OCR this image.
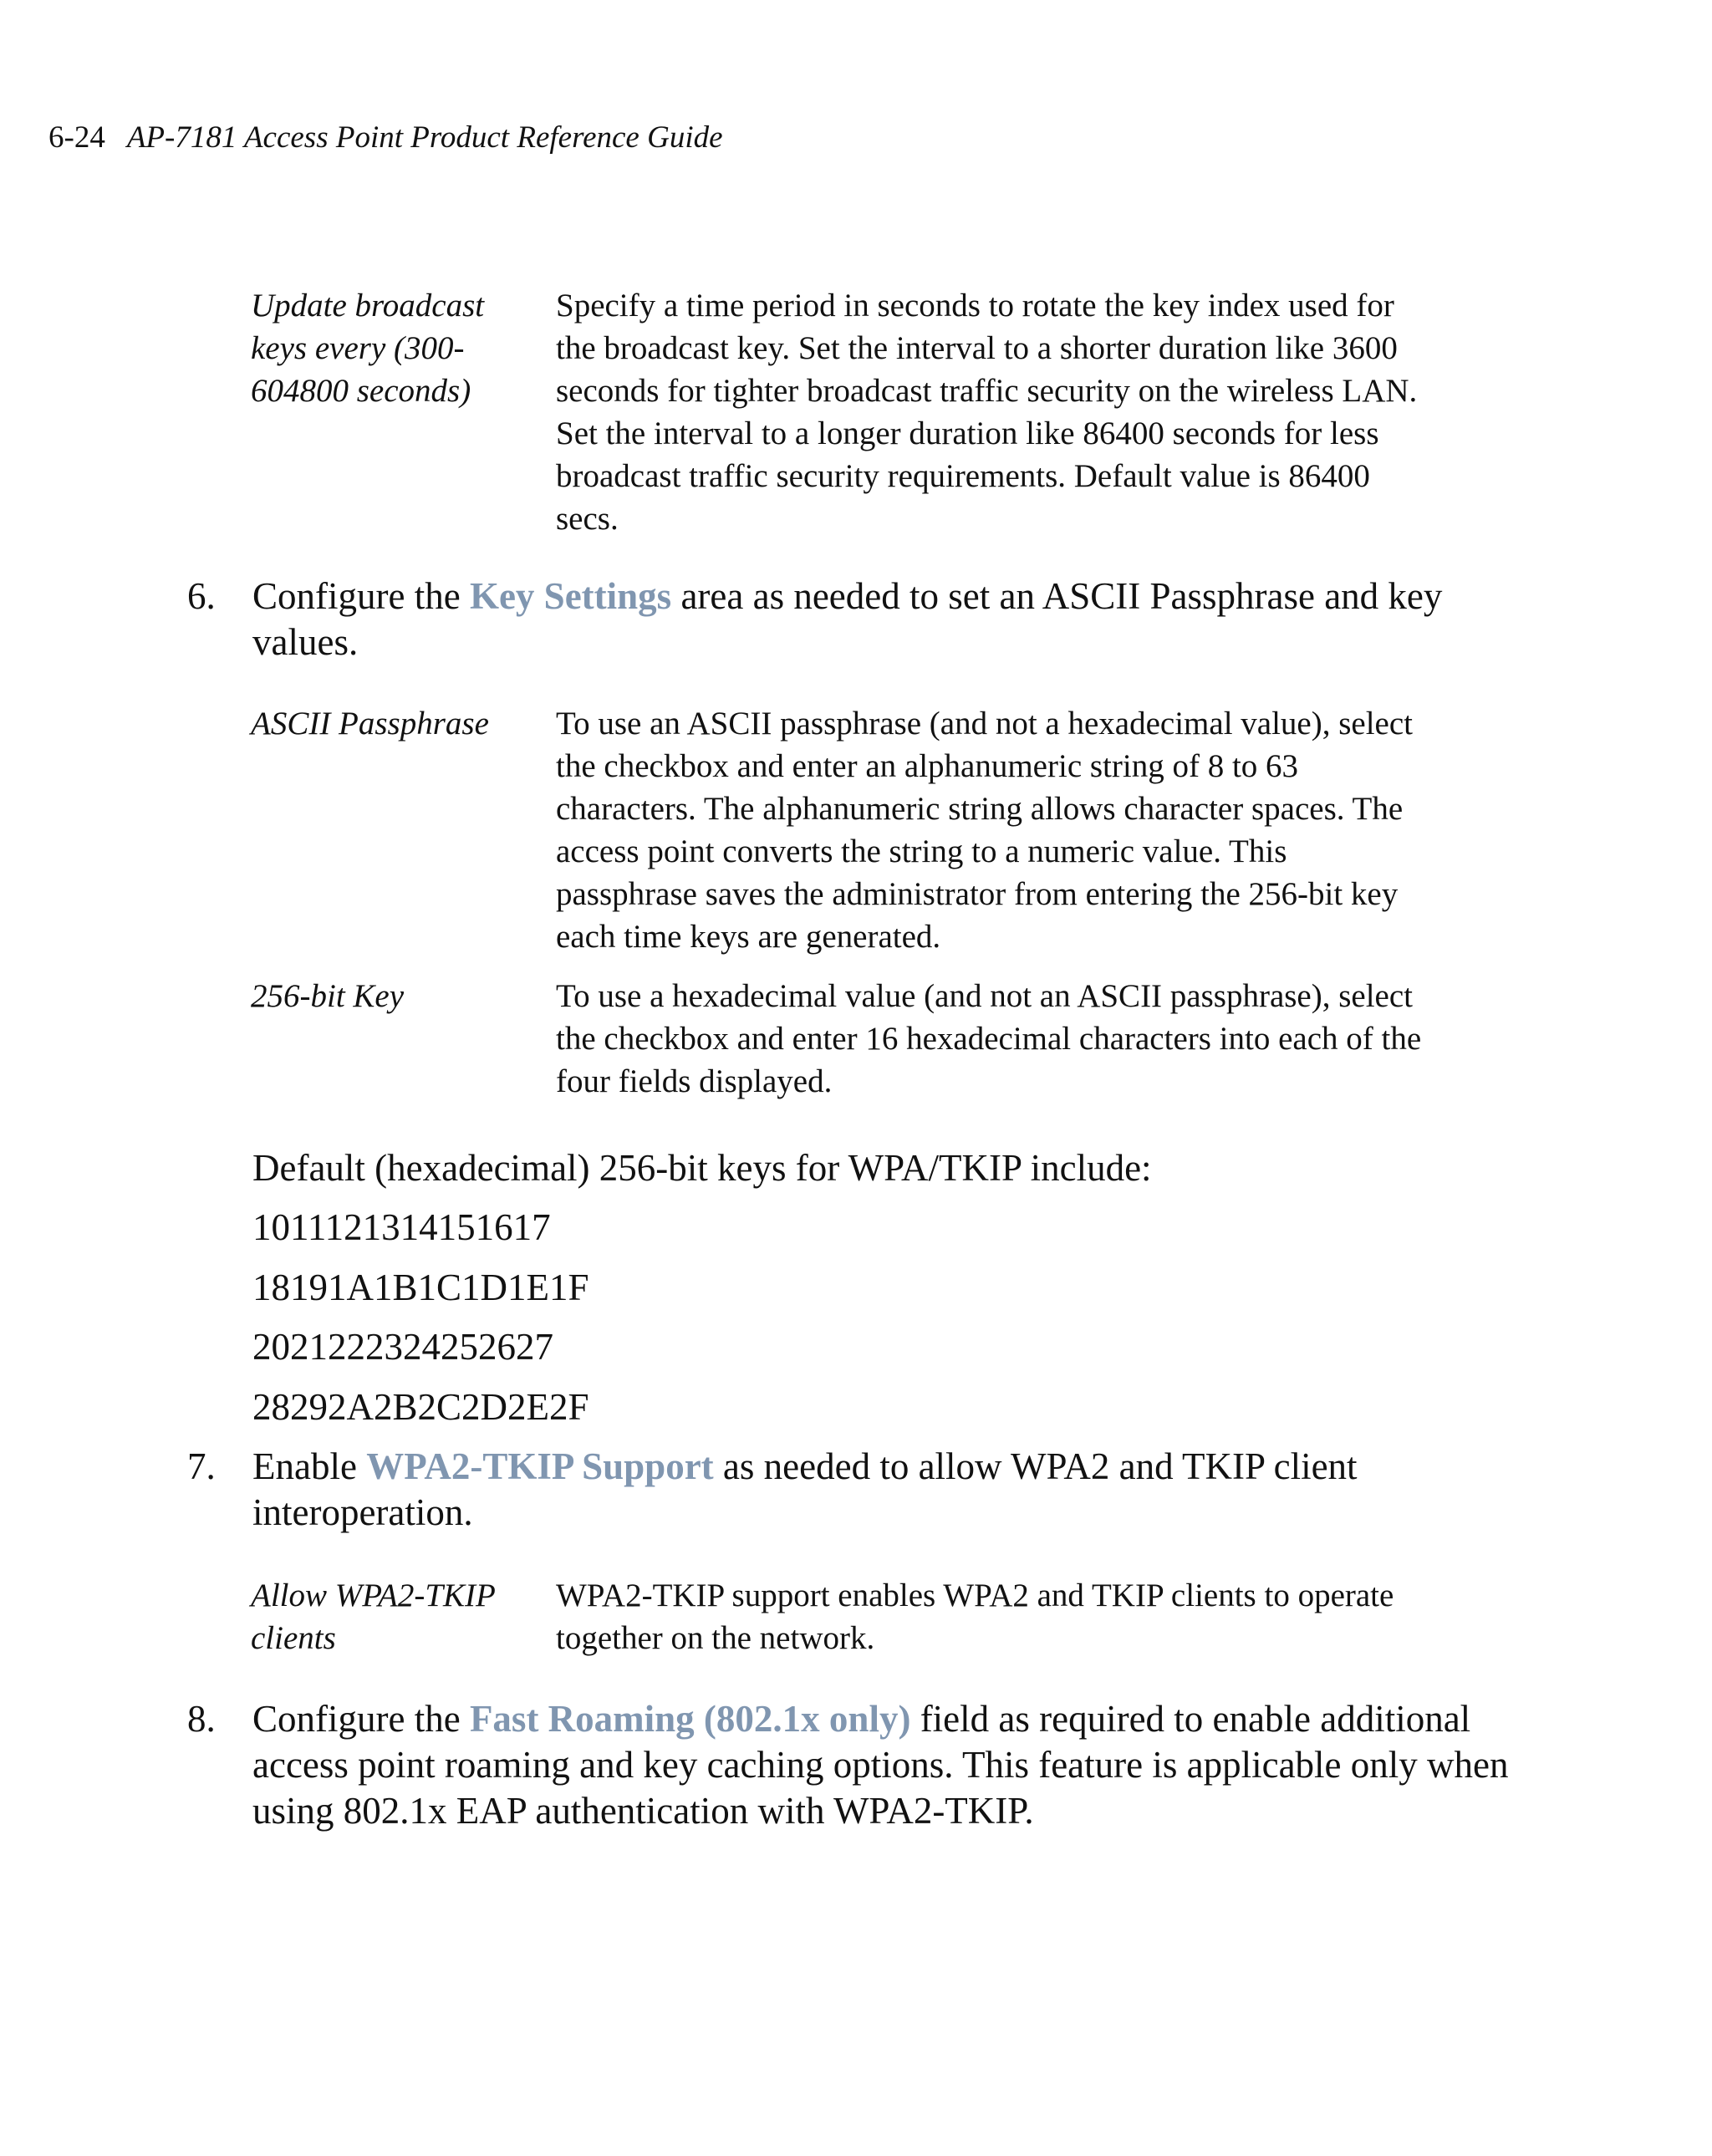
6-24 AP-7181 Access Point Product Reference Guide
Update broadcast keys every (300-604800 seconds)
Specify a time period in seconds to rotate the key index used for the broadcast key. Set the interval to a shorter duration like 3600 seconds for tighter broadcast traffic security on the wireless LAN. Set the interval to a longer duration like 86400 seconds for less broadcast traffic security requirements. Default value is 86400 secs.
6. Configure the Key Settings area as needed to set an ASCII Passphrase and key values.
ASCII Passphrase	To use an ASCII passphrase (and not a hexadecimal value), select the checkbox and enter an alphanumeric string of 8 to 63 characters. The alphanumeric string allows character spaces. The access point converts the string to a numeric value. This passphrase saves the administrator from entering the 256-bit key each time keys are generated.
256-bit Key	To use a hexadecimal value (and not an ASCII passphrase), select the checkbox and enter 16 hexadecimal characters into each of the four fields displayed.
Default (hexadecimal) 256-bit keys for WPA/TKIP include:
1011121314151617
18191A1B1C1D1E1F
2021222324252627
28292A2B2C2D2E2F
7. Enable WPA2-TKIP Support as needed to allow WPA2 and TKIP client interoperation.
Allow WPA2-TKIP clients
WPA2-TKIP support enables WPA2 and TKIP clients to operate together on the network.
8. Configure the Fast Roaming (802.1x only) field as required to enable additional access point roaming and key caching options. This feature is applicable only when using 802.1x EAP authentication with WPA2-TKIP.
